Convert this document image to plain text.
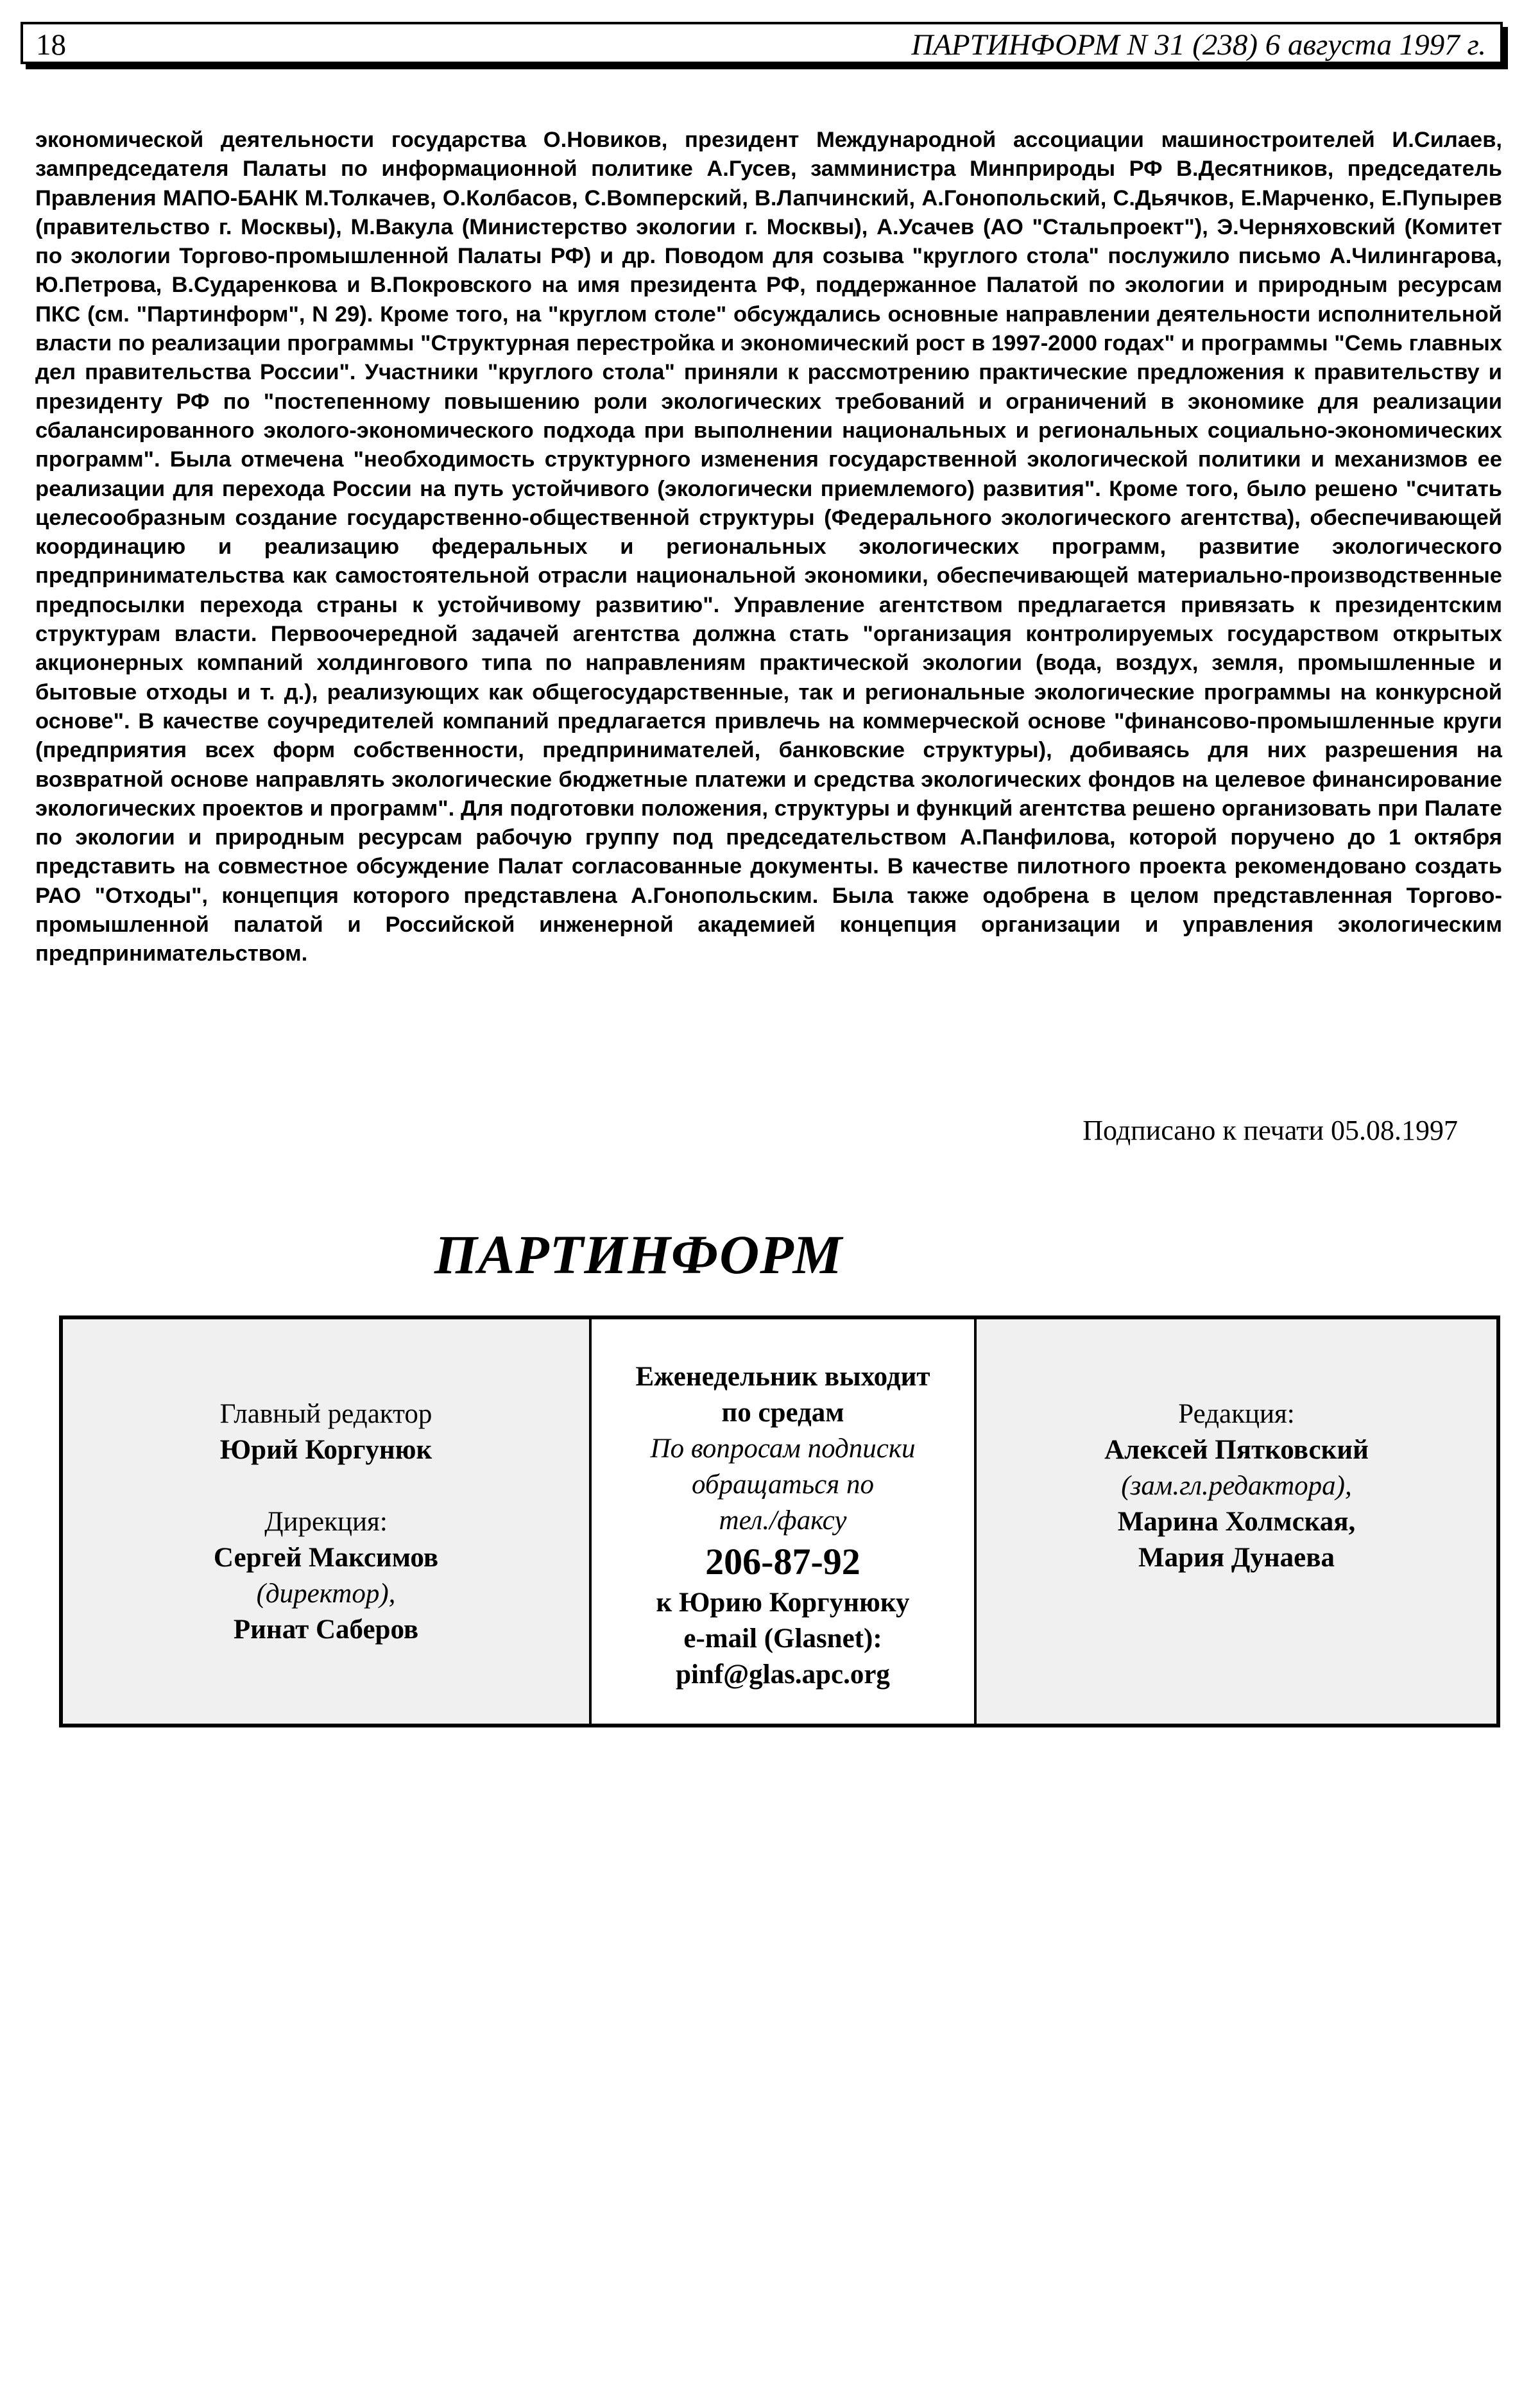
18	ПАРТИНФОРМ N 31 (238) 6 августа 1997 г.

экономической деятельности государства О.Новиков, президент Международной ассоциации машиностроителей И.Силаев, зампредседателя Палаты по информационной политике А.Гусев, замминистра Минприроды РФ В.Десятников, председатель Правления МАПО-БАНК М.Толкачев, О.Колбасов, С.Вомперский, В.Лапчинский, А.Гонопольский, С.Дьячков, Е.Марченко, Е.Пупырев (правительство г. Москвы), М.Вакула (Министерство экологии г. Москвы), А.Усачев (АО "Стальпроект"), Э.Черняховский (Комитет по экологии Торгово-промышленной Палаты РФ) и др. Поводом для созыва "круглого стола" послужило письмо А.Чилингарова, Ю.Петрова, В.Сударенкова и В.Покровского на имя президента РФ, поддержанное Палатой по экологии и природным ресурсам ПКС (см. "Партинформ", N 29). Кроме того, на "круглом столе" обсуждались основные направлении деятельности исполнительной власти по реализации программы "Структурная перестройка и экономический рост в 1997-2000 годах" и программы "Семь главных дел правительства России". Участники "круглого стола" приняли к рассмотрению практические предложения к правительству и президенту РФ по "постепенному повышению роли экологических требований и ограничений в экономике для реализации сбалансированного эколого-экономического подхода при выполнении национальных и региональных социально-экономических программ". Была отмечена "необходимость структурного изменения государственной экологической политики и механизмов ее реализации для перехода России на путь устойчивого (экологически приемлемого) развития". Кроме того, было решено "считать целесообразным создание государственно-общественной структуры (Федерального экологического агентства), обеспечивающей координацию и реализацию федеральных и региональных экологических программ, развитие экологического предпринимательства как самостоятельной отрасли национальной экономики, обеспечивающей материально-производственные предпосылки перехода страны к устойчивому развитию". Управление агентством предлагается привязать к президентским структурам власти. Первоочередной задачей агентства должна стать "организация контролируемых государством открытых акционерных компаний холдингового типа по направлениям практической экологии (вода, воздух, земля, промышленные и бытовые отходы и т. д.), реализующих как общегосударственные, так и региональные экологические программы на конкурсной основе". В качестве соучредителей компаний предлагается привлечь на коммерческой основе "финансово-промышленные круги (предприятия всех форм собственности, предпринимателей, банковские структуры), добиваясь для них разрешения на возвратной основе направлять экологические бюджетные платежи и средства экологических фондов на целевое финансирование экологических проектов и программ". Для подготовки положения, структуры и функций агентства решено организовать при Палате по экологии и природным ресурсам рабочую группу под председательством А.Панфилова, которой поручено до 1 октября представить на совместное обсуждение Палат согласованные документы. В качестве пилотного проекта рекомендовано создать РАО "Отходы", концепция которого представлена А.Гонопольским. Была также одобрена в целом представленная Торгово-промышленной палатой и Российской инженерной академией концепция организации и управления экологическим предпринимательством.

Подписано к печати 05.08.1997
ПАРТИНФОРМ
Главный редактор
Юрий Коргунюк
Дирекция:
Сергей Максимов
(директор),
Ринат Саберов
Еженедельник выходит
по средам
По вопросам подписки
обращаться по
тел./факсу
206-87-92
к Юрию Коргунюку
e-mail (Glasnet):
pinf@glas.apc.org
Редакция:
Алексей Пятковский
(зам.гл.редактора),
Марина Холмская,
Мария Дунаева
